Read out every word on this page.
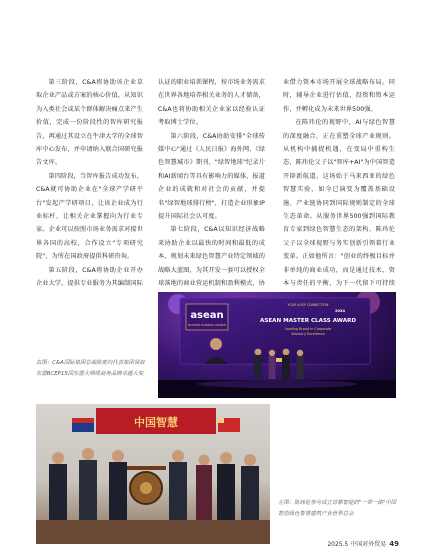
第三阶段，C&A将协助该企业草取企业产品或方案的核心价值，从知识为入类社会或某个群体解决痛点来产生价值，完成一份阶段性的智库研究报告，再通过其设立在牛津大学的全球智库中心发布，并申请纳入联合国研究报告文库。

第四阶段，当智库报告成功发布，C&A就可协助企业在"全球产学研平台"发起产学研项目，让该企业成为行业标杆，让相关企业掌握向为行业专家。企业可以按照市场业务需求对接世界各国的高校，合作设立"专项研究院"，为所在国政府提供科研咨询。

第五阶段，C&A将协助企业开办企业大学，提供专业服务为其编制国际

认证的职业培训课程，按市场业务需求在世界各地培养相关业务的人才储备，C&A也将协助相关企业家以经验认证考取博士学位。

第六阶段，C&A协助安排"全球传媒中心"通过《人民日报》海外网、《绿色智慧城市》期刊、"绿智地球"纪录片和AI新闻台等具有影响力的媒体，报道企业的成就和对社会的贡献，并提名"绿智地球排行榜"，打造企业形象IP提升国际社会认可度。

第七阶段，C&A以知识经济战略来协助企业以最快的时间和最低的成本，规划未来绿色智慧产业特定领域的战略大蓝图，为其开发一套可以授权全球落地的商业营运机制和盈利模式，协

业借力资本市场开展全球战略布局。同时，辅导企业进行估值，投资和资本运作，并孵化成为未来世界500强。

在陈玮伦的视野中，AI与绿色智慧的深度融合，正在重塑全球产业规则。从机构中捕捉机遇，在变局中重构生态，陈玮伦父子以"智库+AI"为中国智造开辟新航道。这场始于马来西亚的绿色智慧实验，如今已演变为覆盖基础设施、产业链协同到国际规则制定的全球生态革命。从服务世界500强到国际教育专家到绿色智慧生态的架构，陈玮伦父子以全球视野与务实创新引领着行业变革。正如他所言："创业的终极目标并非单纯的商业成功，而是通过技术、资本与责任的平衡，为下一代留下可持续

asean
MASTERS BUSINESS AWARDS
YOUR KUEP CONNECTION
ASEAN MASTER CLASS AWARD
Leading Brand in Corporate
Advisory Excellence
2024
右图：C&A国际集团总裁陈奕均代表集团领取东盟BCEP15国东盟大师级商务品牌卓越大奖
中国智慧
左图：陈玮伦参与成立首都智能的"一带一路"中国智造绿色智慧建筑产业世界总会
2025.5 中国对外贸易 49
